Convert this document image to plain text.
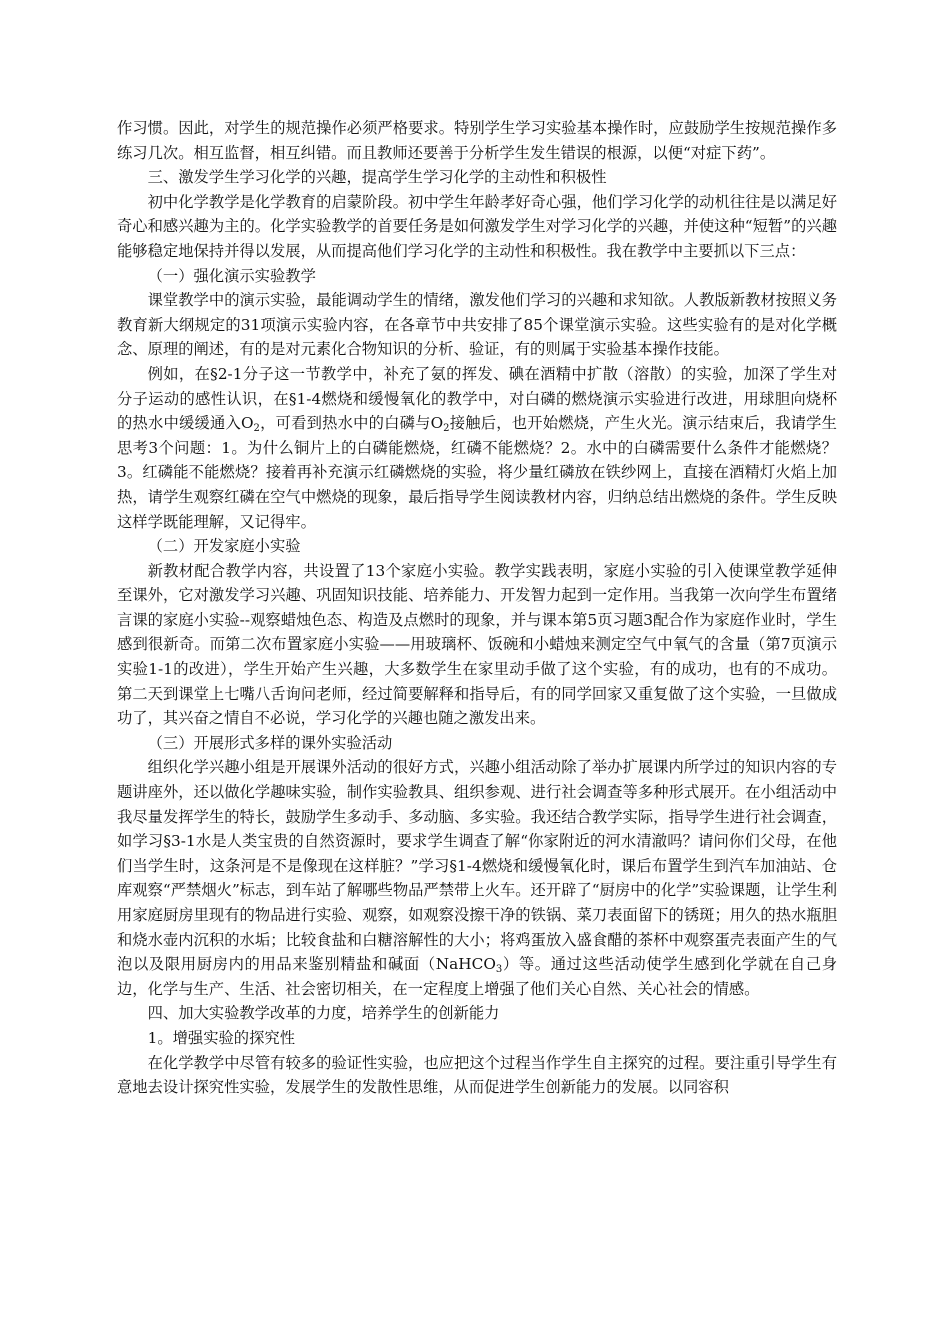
作习惯。因此，对学生的规范操作必须严格要求。特别学生学习实验基本操作时，应鼓励学生按规范操作多练习几次。相互监督，相互纠错。而且教师还要善于分析学生发生错误的根源，以便“对症下药”。

三、激发学生学习化学的兴趣，提高学生学习化学的主动性和积极性

初中化学教学是化学教育的启蒙阶段。初中学生年龄孝好奇心强，他们学习化学的动机往往是以满足好奇心和感兴趣为主的。化学实验教学的首要任务是如何激发学生对学习化学的兴趣，并使这种“短暂”的兴趣能够稳定地保持并得以发展，从而提高他们学习化学的主动性和积极性。我在教学中主要抓以下三点：

（一）强化演示实验教学

课堂教学中的演示实验，最能调动学生的情绪，激发他们学习的兴趣和求知欲。人教版新教材按照义务教育新大纲规定的31项演示实验内容，在各章节中共安排了85个课堂演示实验。这些实验有的是对化学概念、原理的阐述，有的是对元素化合物知识的分析、验证，有的则属于实验基本操作技能。

例如，在§2-1分子这一节教学中，补充了氨的挥发、碘在酒精中扩散（溶散）的实验，加深了学生对分子运动的感性认识，在§1-4燃烧和缓慢氧化的教学中，对白磷的燃烧演示实验进行改进，用球胆向烧杯的热水中缓缓通入$O_2$，可看到热水中的白磷与$O_2$接触后，也开始燃烧，产生火光。演示结束后，我请学生思考3个问题：1。为什么铜片上的白磷能燃烧，红磷不能燃烧？2。水中的白磷需要什么条件才能燃烧？3。红磷能不能燃烧？接着再补充演示红磷燃烧的实验，将少量红磷放在铁纱网上，直接在酒精灯火焰上加热，请学生观察红磷在空气中燃烧的现象，最后指导学生阅读教材内容，归纳总结出燃烧的条件。学生反映这样学既能理解，又记得牢。

（二）开发家庭小实验

新教材配合教学内容，共设置了13个家庭小实验。教学实践表明，家庭小实验的引入使课堂教学延伸至课外，它对激发学习兴趣、巩固知识技能、培养能力、开发智力起到一定作用。当我第一次向学生布置绪言课的家庭小实验--观察蜡烛色态、构造及点燃时的现象，并与课本第5页习题3配合作为家庭作业时，学生感到很新奇。而第二次布置家庭小实验——用玻璃杯、饭碗和小蜡烛来测定空气中氧气的含量（第7页演示实验1-1的改进），学生开始产生兴趣，大多数学生在家里动手做了这个实验，有的成功，也有的不成功。第二天到课堂上七嘴八舌询问老师，经过简要解释和指导后，有的同学回家又重复做了这个实验，一旦做成功了，其兴奋之情自不必说，学习化学的兴趣也随之激发出来。

（三）开展形式多样的课外实验活动

组织化学兴趣小组是开展课外活动的很好方式，兴趣小组活动除了举办扩展课内所学过的知识内容的专题讲座外，还以做化学趣味实验，制作实验教具、组织参观、进行社会调查等多种形式展开。在小组活动中我尽量发挥学生的特长，鼓励学生多动手、多动脑、多实验。我还结合教学实际，指导学生进行社会调查，如学习§3-1水是人类宝贵的自然资源时，要求学生调查了解“你家附近的河水清澈吗？请问你们父母，在他们当学生时，这条河是不是像现在这样脏？”学习§1-4燃烧和缓慢氧化时，课后布置学生到汽车加油站、仓库观察“严禁烟火”标志，到车站了解哪些物品严禁带上火车。还开辟了“厨房中的化学”实验课题，让学生利用家庭厨房里现有的物品进行实验、观察，如观察没擦干净的铁锅、菜刀表面留下的锈斑；用久的热水瓶胆和烧水壶内沉积的水垢；比较食盐和白糖溶解性的大小；将鸡蛋放入盛食醋的茶杯中观察蛋壳表面产生的气泡以及限用厨房内的用品来鉴别精盐和碱面（NaHCO$_3$）等。通过这些活动使学生感到化学就在自己身边，化学与生产、生活、社会密切相关，在一定程度上增强了他们关心自然、关心社会的情感。

四、加大实验教学改革的力度，培养学生的创新能力

1。增强实验的探究性

在化学教学中尽管有较多的验证性实验，也应把这个过程当作学生自主探究的过程。要注重引导学生有意地去设计探究性实验，发展学生的发散性思维，从而促进学生创新能力的发展。以同容积
